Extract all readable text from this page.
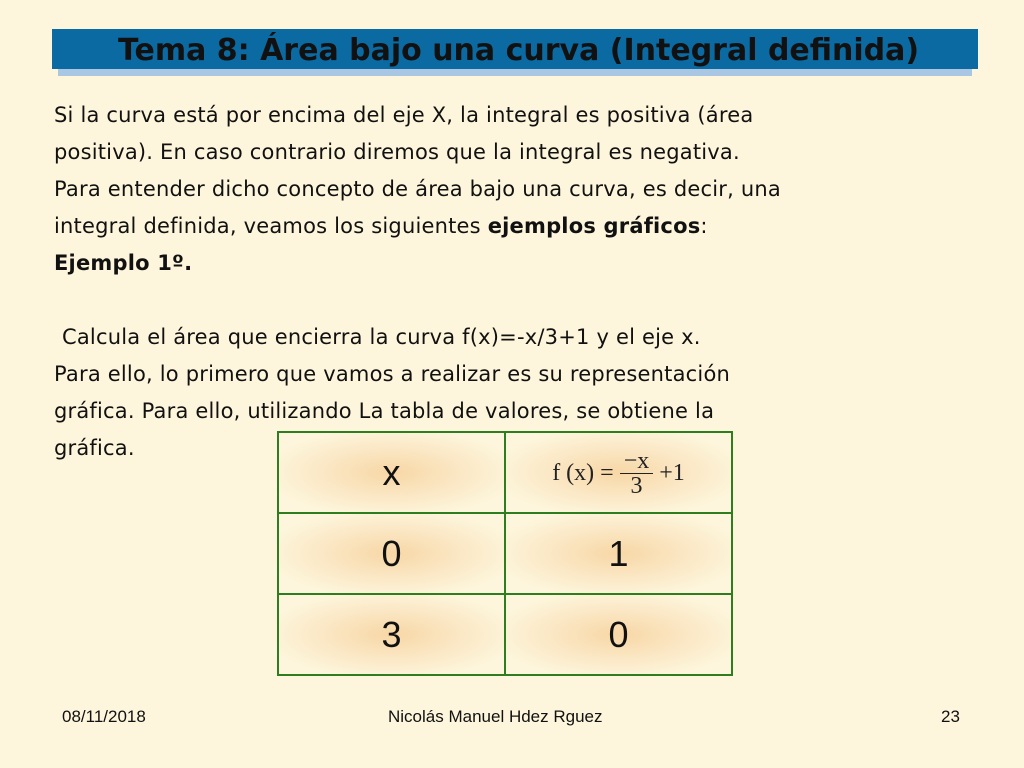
Tema 8: Área bajo una curva (Integral definida)

Si la curva está por encima del eje X, la integral es positiva (área

positiva). En caso contrario diremos que la integral es negativa.

Para entender dicho concepto de área bajo una curva, es decir, una

integral definida, veamos los siguientes ejemplos gráficos:

Ejemplo 1º.

Calcula el área que encierra la curva f(x)=-x/3+1 y el eje x.

Para ello, lo primero que vamos a realizar es su representación

gráfica. Para ello, utilizando La tabla de valores, se obtiene la

gráfica.

x	f $(x) = \frac{-x}{3} +1$

0	1
3	0
08/11/2018	Nicolás Manuel Hdez Rguez	23
